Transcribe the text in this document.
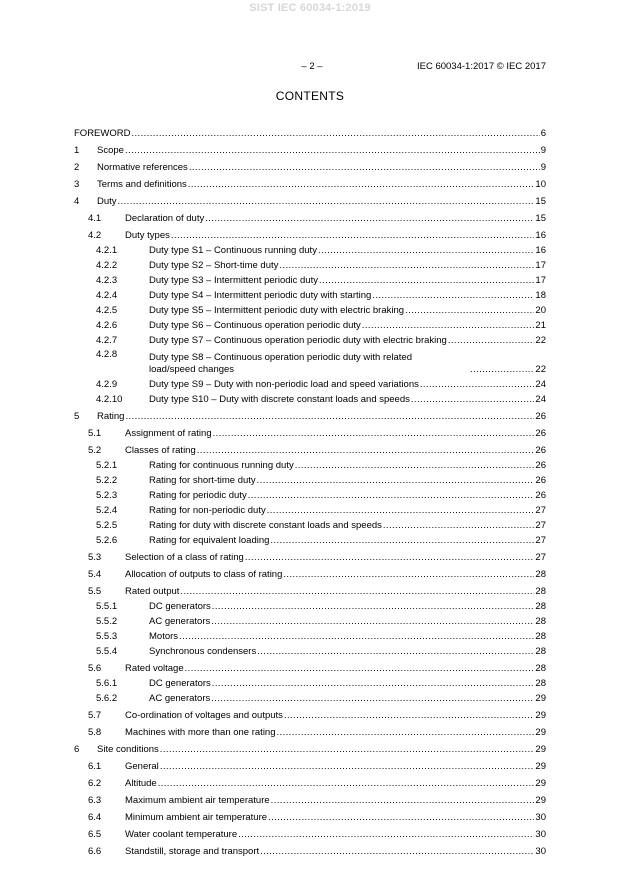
SIST IEC 60034-1:2019
– 2 –	IEC 60034-1:2017 © IEC 2017
CONTENTS
FOREWORD .....	6
1 Scope .....	9
2 Normative references .....	9
3 Terms and definitions .....	10
4 Duty .....	15
4.1	Declaration of duty .....	15
4.2	Duty types .....	16
4.2.1	Duty type S1 – Continuous running duty .....	16
4.2.2	Duty type S2 – Short-time duty .....	17
4.2.3	Duty type S3 – Intermittent periodic duty .....	17
4.2.4	Duty type S4 – Intermittent periodic duty with starting .....	18
4.2.5	Duty type S5 – Intermittent periodic duty with electric braking .....	20
4.2.6	Duty type S6 – Continuous operation periodic duty .....	21
4.2.7	Duty type S7 – Continuous operation periodic duty with electric braking .....	22
4.2.8	Duty type S8 – Continuous operation periodic duty with related
load/speed changes .....	22
4.2.9	Duty type S9 – Duty with non-periodic load and speed variations .....	24
4.2.10	Duty type S10 – Duty with discrete constant loads and speeds .....	24
5 Rating .....	26
5.1	Assignment of rating .....	26
5.2	Classes of rating .....	26
5.2.1	Rating for continuous running duty .....	26
5.2.2	Rating for short-time duty .....	26
5.2.3	Rating for periodic duty .....	26
5.2.4	Rating for non-periodic duty .....	27
5.2.5	Rating for duty with discrete constant loads and speeds .....	27
5.2.6	Rating for equivalent loading .....	27
5.3	Selection of a class of rating .....	27
5.4	Allocation of outputs to class of rating .....	28
5.5	Rated output .....	28
5.5.1	DC generators .....	28
5.5.2	AC generators .....	28
5.5.3	Motors .....	28
5.5.4	Synchronous condensers .....	28
5.6	Rated voltage .....	28
5.6.1	DC generators .....	28
5.6.2	AC generators .....	29
5.7	Co-ordination of voltages and outputs .....	29
5.8	Machines with more than one rating .....	29
6 Site conditions .....	29
6.1	General .....	29
6.2	Altitude .....	29
6.3	Maximum ambient air temperature .....	29
6.4	Minimum ambient air temperature .....	30
6.5	Water coolant temperature .....	30
6.6	Standstill, storage and transport .....	30
